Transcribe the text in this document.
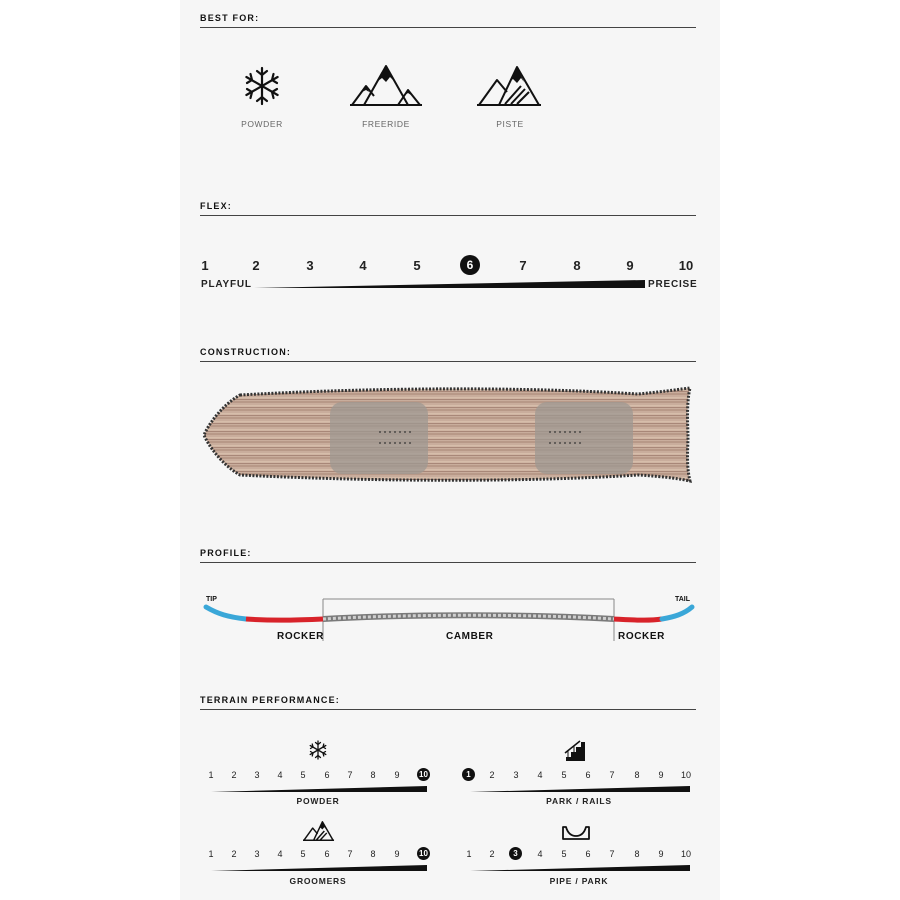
BEST FOR:
POWDER	FREERIDE	PISTE
FLEX:
1	2	3	4	5	6	7	8	9	10
PLAYFUL	PRECISE
CONSTRUCTION:
PROFILE:
TIP	TAIL
ROCKER	CAMBER	ROCKER
TERRAIN PERFORMANCE:
1	2	3	4	5	6	7	8	9	10
POWDER
1	2	3	4	5	6	7	8	9	10
PARK / RAILS
1	2	3	4	5	6	7	8	9	10
GROOMERS
1	2	3	4	5	6	7	8	9	10
PIPE / PARK
